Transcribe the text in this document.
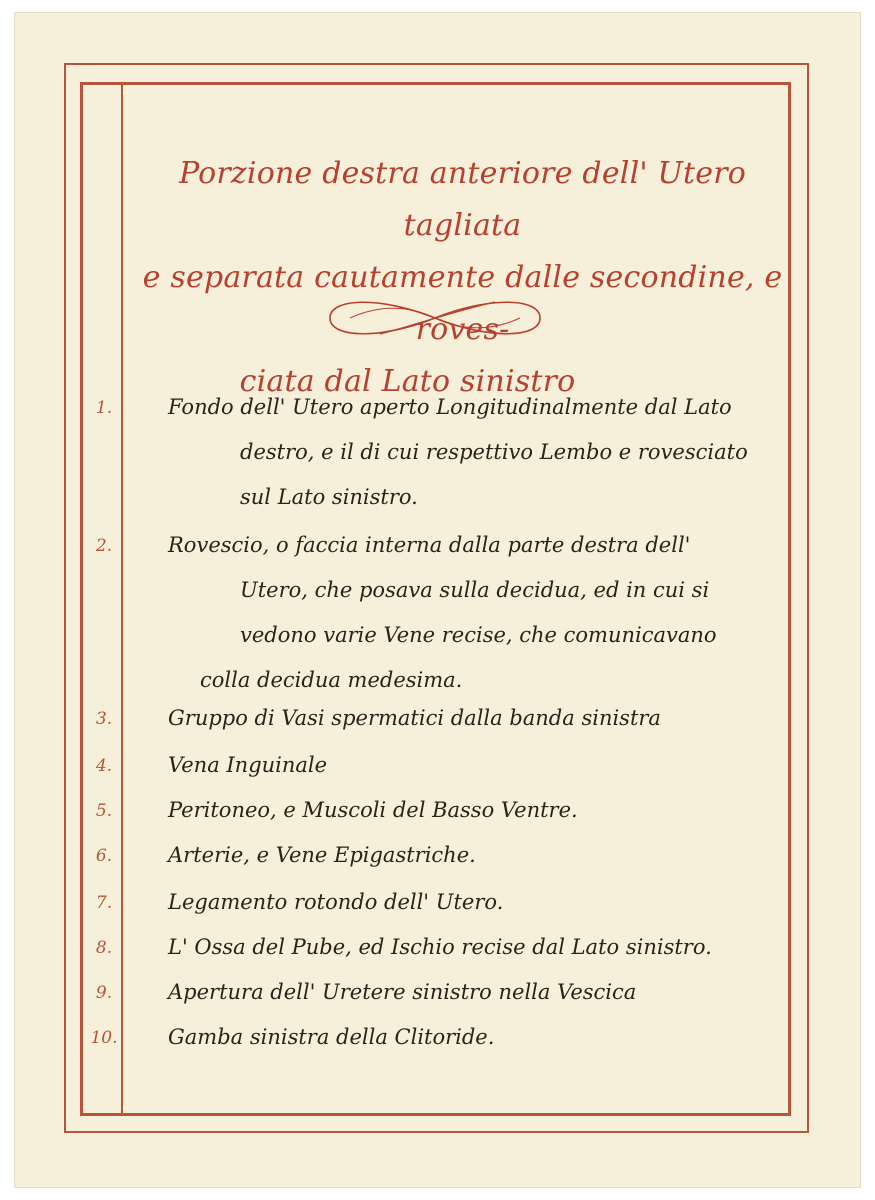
Porzione destra anteriore dell' Utero tagliata
e separata cautamente dalle secondine, e roves-
ciata dal Lato sinistro
1.	Fondo dell' Utero aperto Longitudinalmente dal Lato
destro, e il di cui respettivo Lembo e rovesciato
sul Lato sinistro.
2.	Rovescio, o faccia interna dalla parte destra dell'
Utero, che posava sulla decidua, ed in cui si
vedono varie Vene recise, che comunicavano
colla decidua medesima.
3.	Gruppo di Vasi spermatici dalla banda sinistra
4.	Vena Inguinale
5.	Peritoneo, e Muscoli del Basso Ventre.
6.	Arterie, e Vene Epigastriche.
7.	Legamento rotondo dell' Utero.
8.	L' Ossa del Pube, ed Ischio recise dal Lato sinistro.
9.	Apertura dell' Uretere sinistro nella Vescica
10. Gamba sinistra della Clitoride.
